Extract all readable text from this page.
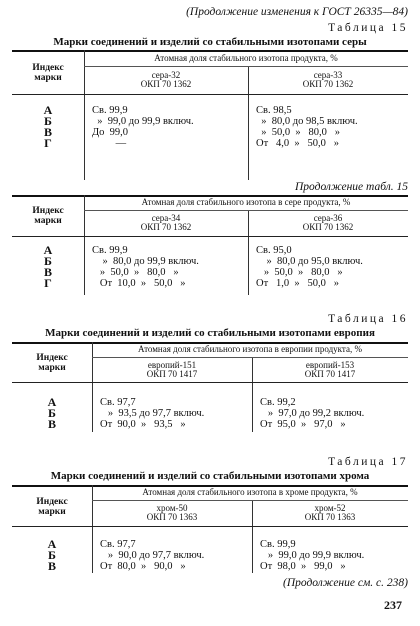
(Продолжение изменения к ГОСТ 26335—84)
Таблица 15
Марки соединений и изделий со стабильными изотопами серы
Индекс
марки
Атомная доля стабильного изотопа продукта, %
сера-32
ОКП 70 1362
сера-33
ОКП 70 1362
А
Б
В
Г
Св. 99,9
»  99,0 до 99,9 включ.
До  99,0
—
Св. 98,5
»  80,0 до 98,5 включ.
»  50,0  »   80,0   »
От   4,0  »   50,0   »
Продолжение табл. 15
Индекс
марки
Атомная доля стабильного изотопа в сере продукта, %
сера-34
ОКП 70 1362
сера-36
ОКП 70 1362
А
Б
В
Г
Св. 99,9
»  80,0 до 99,9 включ.
»  50,0  »   80,0   »
От  10,0  »   50,0   »
Св. 95,0
»  80,0 до 95,0 включ.
»  50,0  »   80,0   »
От   1,0  »   50,0   »
Таблица 16
Марки соединений и изделий со стабильными изотопами европия
Индекс
марки
Атомная доля стабильного изотопа в европии продукта, %
европий-151
ОКП 70 1417
европий-153
ОКП 70 1417
А
Б
В
Св. 97,7
»  93,5 до 97,7 включ.
От  90,0  »   93,5   »
Св. 99,2
»  97,0 до 99,2 включ.
От  95,0  »   97,0   »
Таблица 17
Марки соединений и изделий со стабильными изотопами хрома
Индекс
марки
Атомная доля стабильного изотопа в хроме продукта, %
хром-50
ОКП 70 1363
хром-52
ОКП 70 1363
А
Б
В
Св. 97,7
»  90,0 до 97,7 включ.
От  80,0  »   90,0   »
Св. 99,9
»  99,0 до 99,9 включ.
От  98,0  »   99,0   »
(Продолжение см. с. 238)
237
